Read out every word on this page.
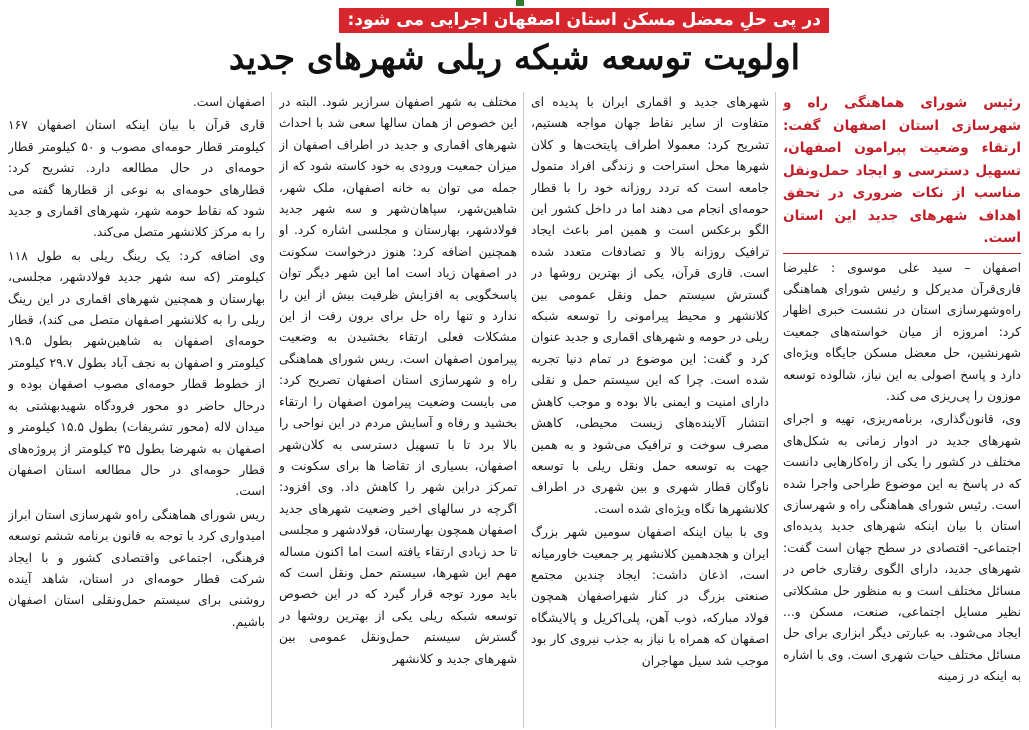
در پی حلِ معضل مسکن استان اصفهان اجرایی می شود:
اولویت توسعه شبکه ریلی شهرهای جدید

رئیس شورای هماهنگی راه و شهرسازی استان اصفهان گفت: ارتقاء وضعیت پیرامون اصفهان، تسهیل دسترسی و ایجاد حمل‌ونقل مناسب از نکات ضروری در تحقق اهداف شهرهای جدید این استان است.

اصفهان – سید علی موسوی : علیرضا قاری‌قرآن مدیرکل و رئیس شورای هماهنگی راه‌وشهرسازی استان در نشست خبری اظهار کرد: امروزه از میان خواسته‌های جمعیت شهرنشین، حل معضل مسکن جایگاه ویژه‌ای دارد و پاسخ اصولی به این نیاز، شالوده توسعه موزون را پی‌ریزی می کند.

وی، قانون‌گذاری، برنامه‌ریزی، تهیه و اجرای شهرهای جدید در ادوار زمانی به شکل‌های مختلف در کشور را یکی از راه‌کارهایی دانست که در پاسخ به این موضوع طراحی واجرا شده است. رئیس شورای هماهنگی راه و شهرسازی استان با بیان اینکه شهرهای جدید پدیده‌ای اجتماعی- اقتصادی در سطح جهان است گفت: شهرهای جدید، دارای الگوی رفتاری خاص در مسائل مختلف است و به منظور حل مشکلاتی نظیر مسایل اجتماعی، صنعت، مسکن و... ایجاد می‌شود. به عبارتی دیگر ابزاری برای حل مسائل مختلف حیات شهری است. وی با اشاره به اینکه در زمینه

شهرهای جدید و اقماری ایران با پدیده ای متفاوت از سایر نقاط جهان مواجه هستیم، تشریح کرد: معمولا اطراف پایتخت‌ها و کلان شهرها محل استراحت و زندگی افراد متمول جامعه است که تردد روزانه خود را با قطار حومه‌ای انجام می دهند اما در داخل کشور این الگو برعکس است و همین امر باعث ایجاد ترافیک روزانه بالا و تصادفات متعدد شده است. قاری قرآن، یکی از بهترین روشها در گسترش سیستم حمل ونقل عمومی بین کلانشهر و محیط پیرامونی را توسعه شبکه ریلی در حومه و شهرهای اقماری و جدید عنوان کرد و گفت: این موضوع در تمام دنیا تجربه شده است. چرا که این سیستم حمل و نقلی دارای امنیت و ایمنی بالا بوده و موجب کاهش انتشار آلاینده‌های زیست محیطی، کاهش مصرف سوخت و ترافیک می‌شود و به همین جهت به توسعه حمل ونقل ریلی با توسعه ناوگان قطار شهری و بین شهری در اطراف کلانشهرها نگاه ویژه‌ای شده است.

وی با بیان اینکه اصفهان سومین شهر بزرگ ایران و هجدهمین کلانشهر پر جمعیت خاورمیانه است، اذعان داشت: ایجاد چندین مجتمع صنعتی بزرگ در کنار شهراصفهان همچون فولاد مبارکه، ذوب آهن، پلی‌اکریل و پالایشگاه اصفهان که همراه با نیاز به جذب نیروی کار بود موجب شد سیل مهاجران

مختلف به شهر اصفهان سرازیر شود. البته در این خصوص از همان سالها سعی شد با احداث شهرهای اقماری و جدید در اطراف اصفهان از میزان جمعیت ورودی به خود کاسته شود که از جمله می توان به خانه اصفهان، ملک شهر، شاهین‌شهر، سپاهان‌شهر و سه شهر جدید فولادشهر، بهارستان و مجلسی اشاره کرد. او همچنین اضافه کرد: هنوز درخواست سکونت در اصفهان زیاد است اما این شهر دیگر توان پاسخگویی به افزایش ظرفیت بیش از این را ندارد و تنها راه حل برای برون رفت از این مشکلات فعلی ارتقاء بخشیدن به وضعیت پیرامون اصفهان است. ریس شورای هماهنگی راه و شهرسازی استان اصفهان تصریح کرد: می بایست وضعیت پیرامون اصفهان را ارتقاء بخشید و رفاه و آسایش مردم در این نواحی را بالا برد تا با تسهیل دسترسی به کلان‌شهر اصفهان، بسیاری از تقاضا ها برای سکونت و تمرکز دراین شهر را کاهش داد. وی افزود: اگرچه در سالهای اخیر وضعیت شهرهای جدید اصفهان همچون بهارستان، فولادشهر و مجلسی تا حد زیادی ارتقاء یافته است اما اکنون مساله مهم این شهرها، سیستم حمل ونقل است که باید مورد توجه قرار گیرد که در این خصوص توسعه شبکه ریلی یکی از بهترین روشها در گسترش سیستم حمل‌ونقل عمومی بین شهرهای جدید و کلانشهر

اصفهان است.

قاری قرآن با بیان اینکه استان اصفهان ۱۶۷ کیلومتر قطار حومه‌ای مصوب و ۵۰ کیلومتر قطار حومه‌ای در حال مطالعه دارد. تشریح کرد: قطارهای حومه‌ای به نوعی از قطارها گفته می شود که نقاط حومه شهر، شهرهای اقماری و جدید را به مرکز کلانشهر متصل می‌کند.

وی اضافه کرد: یک رینگ ریلی به طول ۱۱۸ کیلومتر (که سه شهر جدید فولادشهر، مجلسی، بهارستان و همچنین شهرهای اقماری در این رینگ ریلی را به کلانشهر اصفهان متصل می کند)، قطار حومه‌ای اصفهان به شاهین‌شهر بطول ۱۹.۵ کیلومتر و اصفهان به نجف آباد بطول ۲۹.۷ کیلومتر از خطوط قطار حومه‌ای مصوب اصفهان بوده و درحال حاضر دو محور فرودگاه شهیدبهشتی به میدان لاله (محور تشریفات) بطول ۱۵.۵ کیلومتر و اصفهان به شهرضا بطول ۳۵ کیلومتر از پروژه‌های قطار حومه‌ای در حال مطالعه استان اصفهان است.

ریس شورای هماهنگی راه‌و شهرسازی استان ابراز امیدواری کرد با توجه به قانون برنامه ششم توسعه فرهنگی، اجتماعی واقتصادی کشور و با ایجاد شرکت قطار حومه‌ای در استان، شاهد آینده روشنی برای سیستم حمل‌ونقلی استان اصفهان باشیم.
